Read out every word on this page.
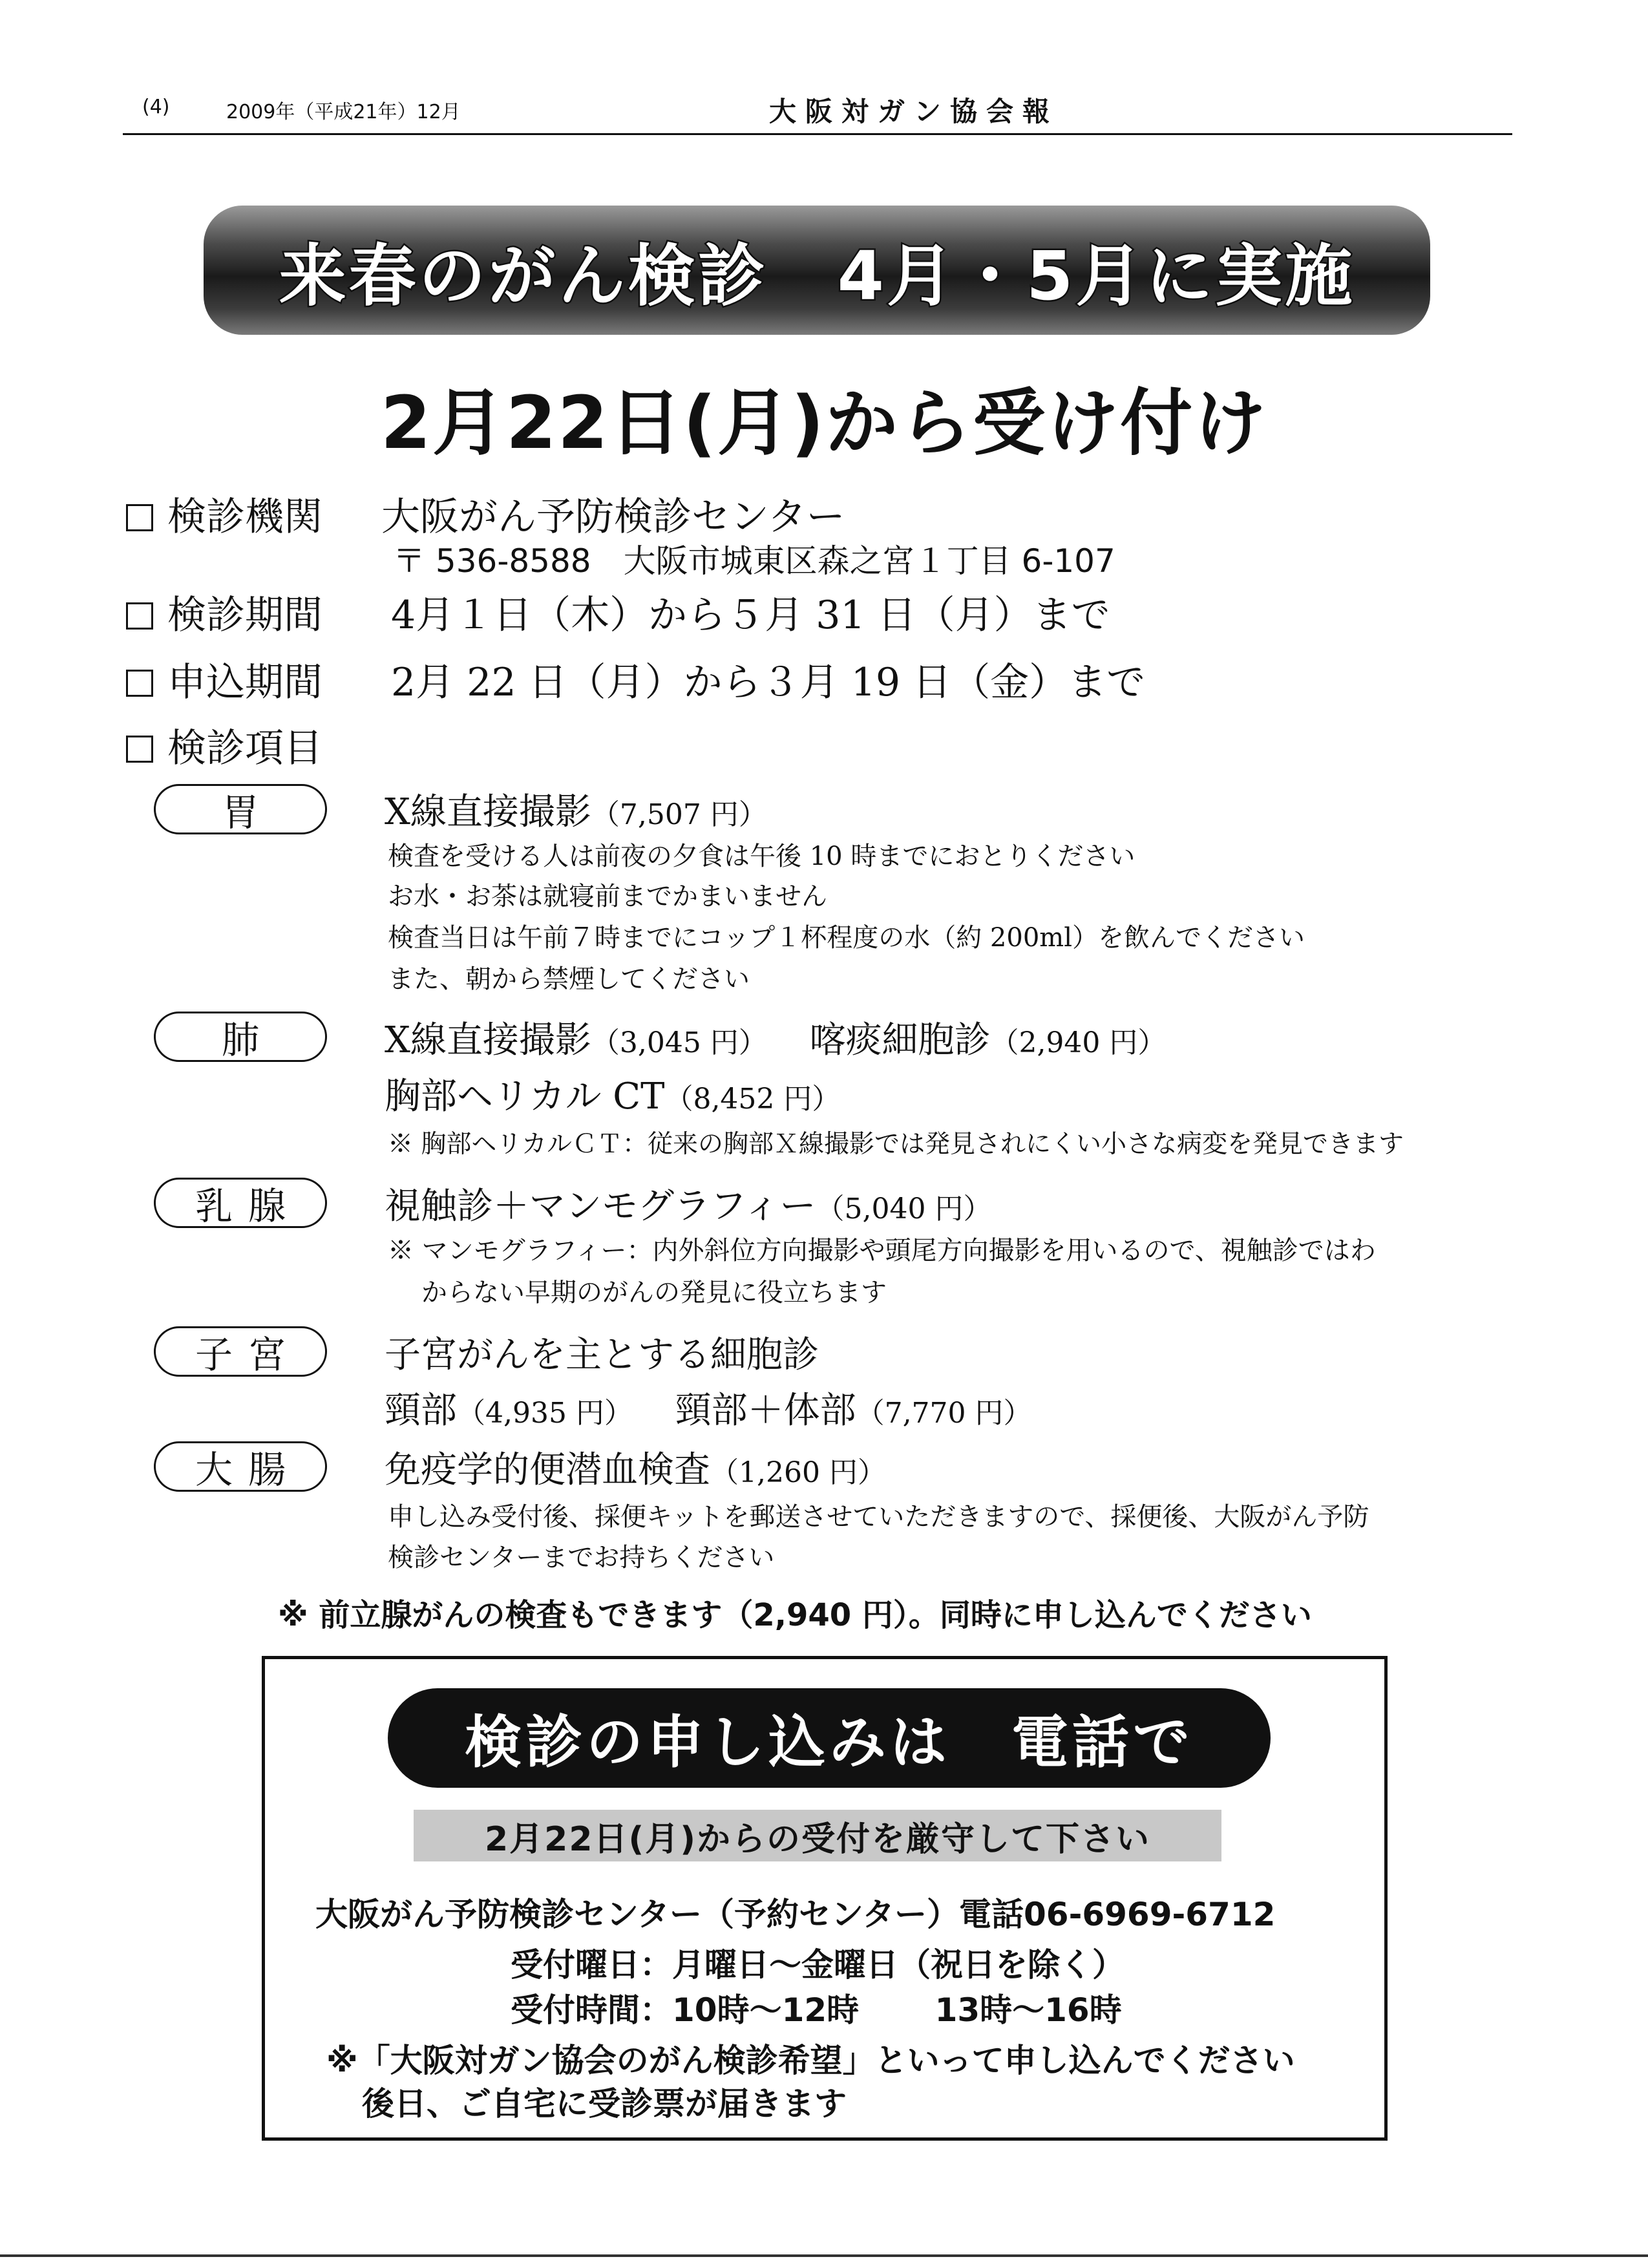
(4)	2009年（平成21年）12月	大阪対ガン協会報
来春のがん検診　4月・5月に実施
2月22日(月)から受け付け
検診機関 大阪がん予防検診センター
〒 536-8588　大阪市城東区森之宮１丁目 6-107
検診期間 4月１日（木）から５月 31 日（月）まで
申込期間 2月 22 日（月）から３月 19 日（金）まで
検診項目
胃	X線直接撮影（7,507 円）
検査を受ける人は前夜の夕食は午後 10 時までにおとりください
お水・お茶は就寝前までかまいません
検査当日は午前７時までにコップ１杯程度の水（約 200ml）を飲んでください
また、朝から禁煙してください
肺	X線直接撮影（3,045 円） 喀痰細胞診（2,940 円）
胸部ヘリカル CT（8,452 円）
※ 胸部ヘリカルＣＴ：従来の胸部Ｘ線撮影では発見されにくい小さな病変を発見できます
乳腺 視触診＋マンモグラフィー（5,040 円）
※ マンモグラフィー：内外斜位方向撮影や頭尾方向撮影を用いるので、視触診ではわ
からない早期のがんの発見に役立ちます
子宮 子宮がんを主とする細胞診
頸部（4,935 円） 頸部＋体部（7,770 円）
大腸 免疫学的便潜血検査（1,260 円）
申し込み受付後、採便キットを郵送させていただきますので、採便後、大阪がん予防
検診センターまでお持ちください
※ 前立腺がんの検査もできます（2,940 円）。同時に申し込んでください
検診の申し込みは　電話で
2月22日(月)からの受付を厳守して下さい
大阪がん予防検診センター（予約センター）電話06-6969-6712
受付曜日：月曜日～金曜日（祝日を除く）
受付時間：10時～12時　　 13時～16時
※「大阪対ガン協会のがん検診希望」といって申し込んでください
後日、ご自宅に受診票が届きます
